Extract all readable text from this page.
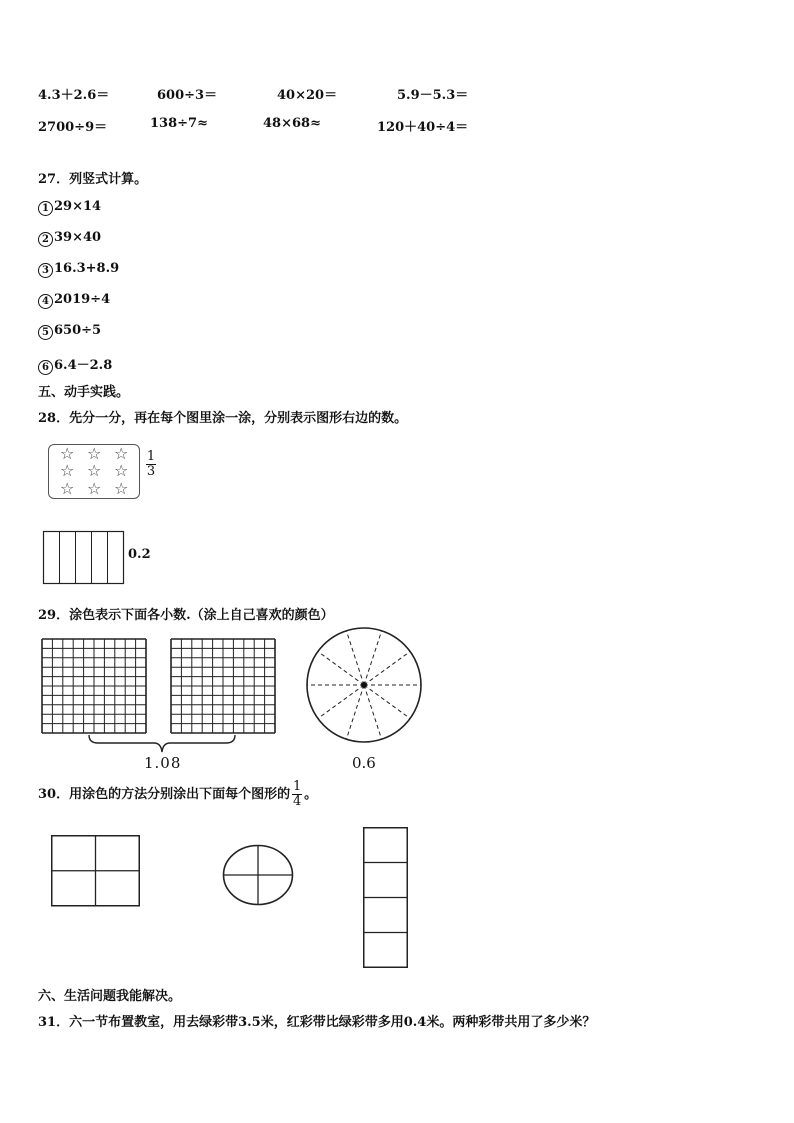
4.3＋2.6＝	600÷3＝	40×20＝	5.9－5.3＝
2700÷9＝	138÷7≈	48×68≈	120＋40÷4＝
27．列竖式计算。
1 29×14
2 39×40
3 16.3+8.9
4 2019÷4
5 650÷5
6 6.4－2.8
五、动手实践。
28．先分一分，再在每个图里涂一涂，分别表示图形右边的数。
☆ ☆ ☆
☆ ☆ ☆
☆ ☆ ☆
$\frac{1}{3}$
0.2
29．涂色表示下面各小数.（涂上自己喜欢的颜色）
1.08	0.6
30．用涂色的方法分别涂出下面每个图形的 $\frac{1}{4}$ 。
六、生活问题我能解决。
31．六一节布置教室，用去绿彩带3.5米，红彩带比绿彩带多用0.4米。两种彩带共用了多少米？
